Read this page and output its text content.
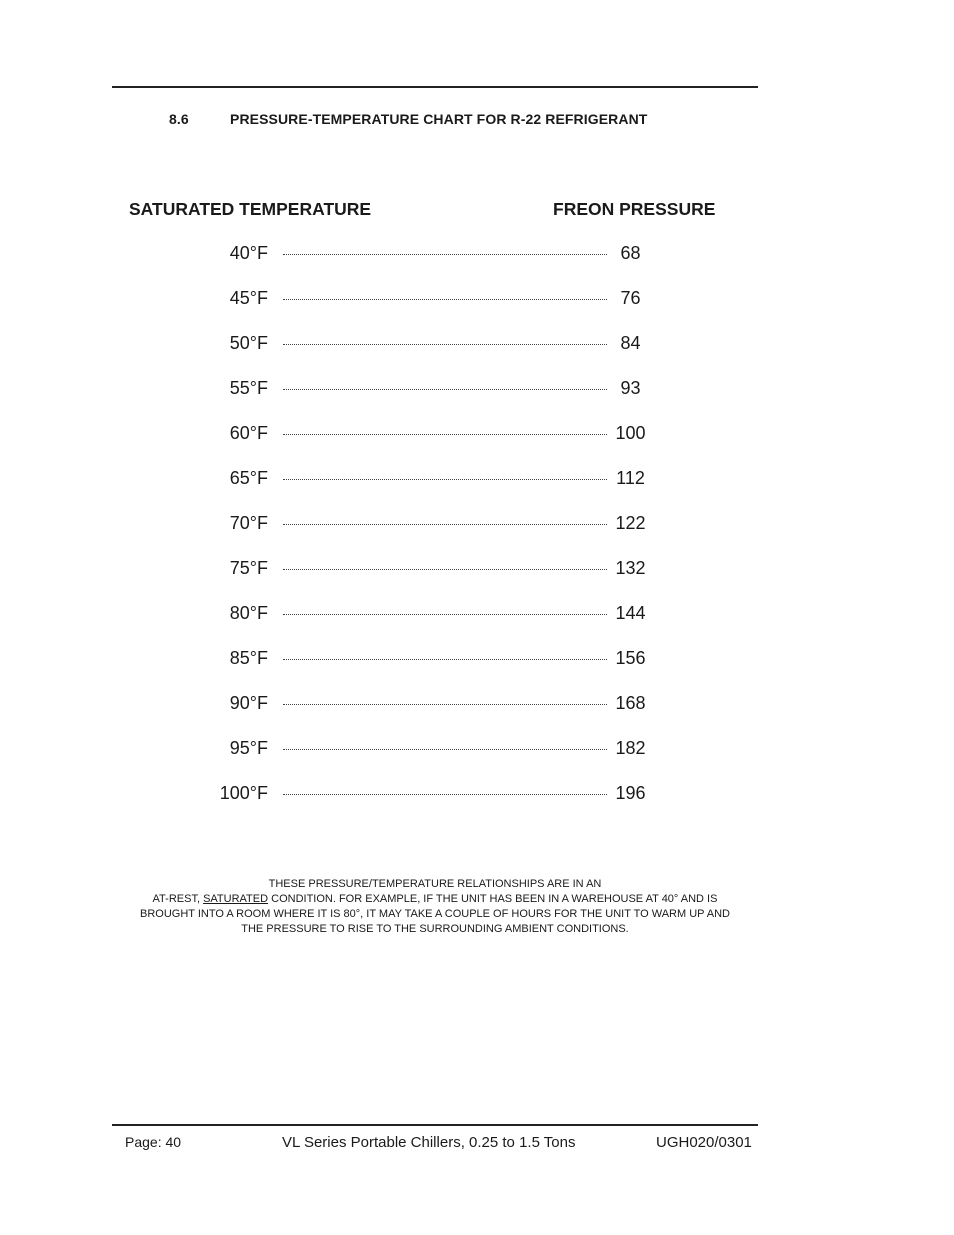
8.6	PRESSURE-TEMPERATURE CHART FOR R-22 REFRIGERANT
SATURATED TEMPERATURE	FREON PRESSURE
40°F	68
45°F	76
50°F	84
55°F	93
60°F	100
65°F	112
70°F	122
75°F	132
80°F	144
85°F	156
90°F	168
95°F	182
100°F	196
THESE PRESSURE/TEMPERATURE RELATIONSHIPS ARE IN AN
AT-REST, SATURATED CONDITION. FOR EXAMPLE, IF THE UNIT HAS BEEN IN A WAREHOUSE AT 40° AND IS
BROUGHT INTO A ROOM WHERE IT IS 80°, IT MAY TAKE A COUPLE OF HOURS FOR THE UNIT TO WARM UP AND
THE PRESSURE TO RISE TO THE SURROUNDING AMBIENT CONDITIONS.
Page: 40	VL Series Portable Chillers, 0.25 to 1.5 Tons	UGH020/0301
